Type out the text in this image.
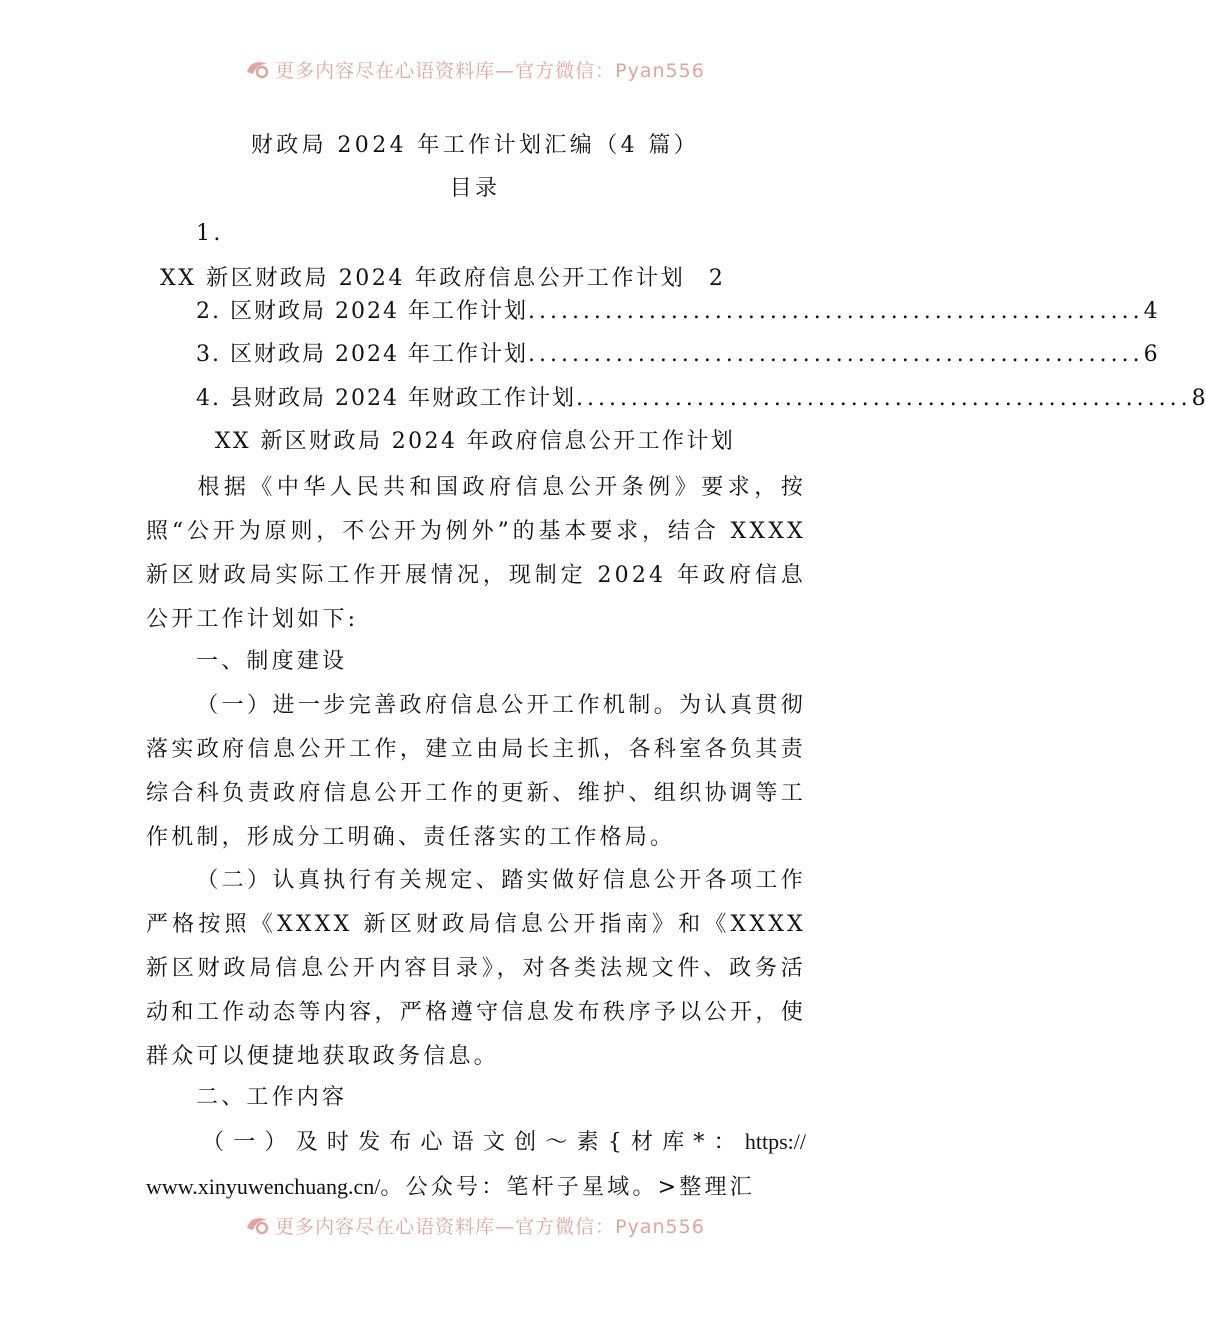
更多内容尽在心语资料库—官方微信：Pyan556
财政局 2024 年工作计划汇编（4 篇）
目录
1.
XX 新区财政局 2024 年政府信息公开工作计划 2
2. 区财政局 2024 年工作计划 ........................................................ 4
3. 区财政局 2024 年工作计划 ........................................................ 6
4. 县财政局 2024 年财政工作计划 ........................................................ 8
XX 新区财政局 2024 年政府信息公开工作计划
根据《中华人民共和国政府信息公开条例》要求，按照“公开为原则，不公开为例外”的基本要求，结合 XXXX 新区财政局实际工作开展情况，现制定 2024 年政府信息公开工作计划如下:
一、制度建设
（一）进一步完善政府信息公开工作机制。为认真贯彻落实政府信息公开工作，建立由局长主抓，各科室各负其责综合科负责政府信息公开工作的更新、维护、组织协调等工作机制，形成分工明确、责任落实的工作格局。
（二）认真执行有关规定、踏实做好信息公开各项工作严格按照《XXXX 新区财政局信息公开指南》和《XXXX 新区财政局信息公开内容目录》，对各类法规文件、政务活动和工作动态等内容，严格遵守信息发布秩序予以公开，使群众可以便捷地获取政务信息。
二、工作内容
（一）及时发布心语文创～素{材库*：https:// www.xinyuwenchuang.cn/。公众号：笔杆子星域。>整理汇
更多内容尽在心语资料库—官方微信：Pyan556
